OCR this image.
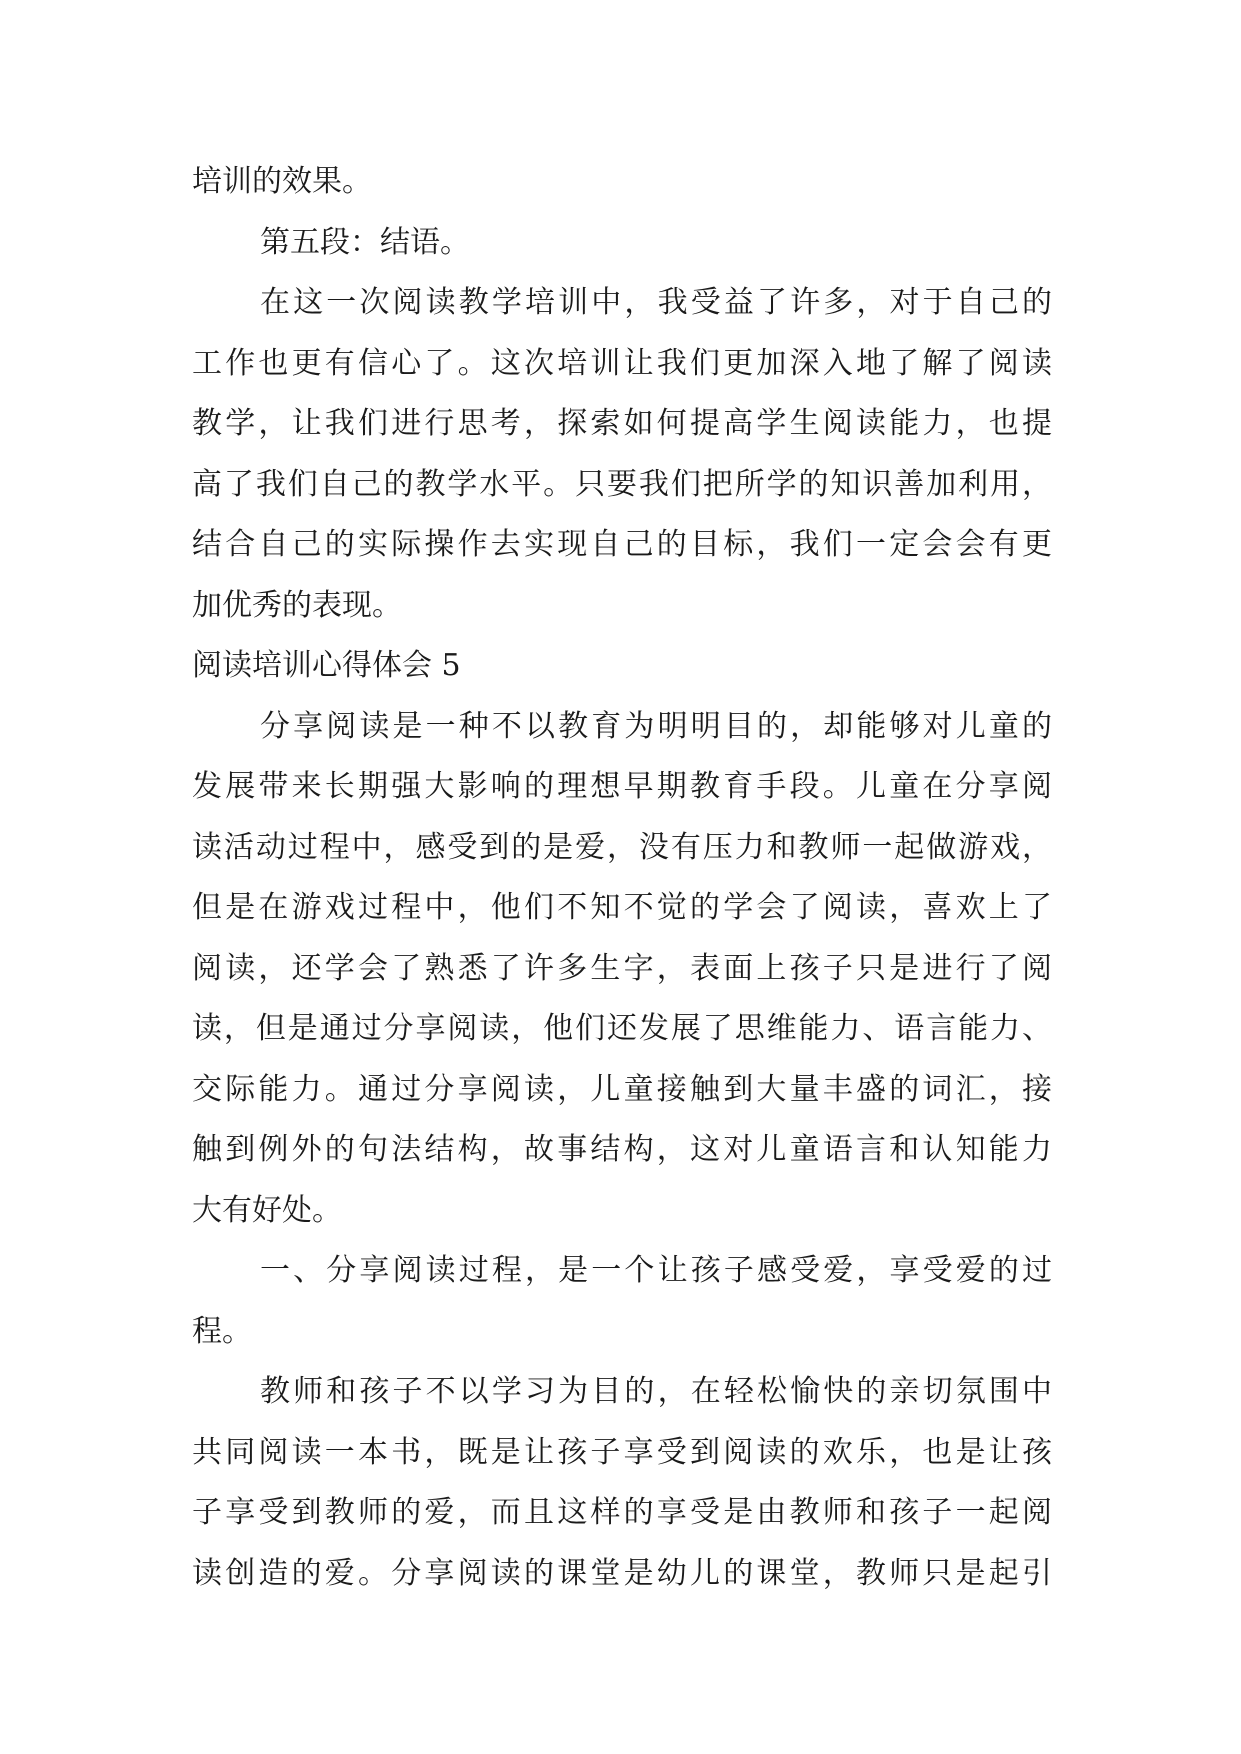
培训的效果。
第五段：结语。
在这一次阅读教学培训中，我受益了许多，对于自己的
工作也更有信心了。这次培训让我们更加深入地了解了阅读
教学，让我们进行思考，探索如何提高学生阅读能力，也提
高了我们自己的教学水平。只要我们把所学的知识善加利用，
结合自己的实际操作去实现自己的目标，我们一定会会有更
加优秀的表现。
阅读培训心得体会 5
分享阅读是一种不以教育为明明目的，却能够对儿童的
发展带来长期强大影响的理想早期教育手段。儿童在分享阅
读活动过程中，感受到的是爱，没有压力和教师一起做游戏，
但是在游戏过程中，他们不知不觉的学会了阅读，喜欢上了
阅读，还学会了熟悉了许多生字，表面上孩子只是进行了阅
读，但是通过分享阅读，他们还发展了思维能力、语言能力、
交际能力。通过分享阅读，儿童接触到大量丰盛的词汇，接
触到例外的句法结构，故事结构，这对儿童语言和认知能力
大有好处。
一、分享阅读过程，是一个让孩子感受爱，享受爱的过
程。
教师和孩子不以学习为目的，在轻松愉快的亲切氛围中
共同阅读一本书，既是让孩子享受到阅读的欢乐，也是让孩
子享受到教师的爱，而且这样的享受是由教师和孩子一起阅
读创造的爱。分享阅读的课堂是幼儿的课堂，教师只是起引
